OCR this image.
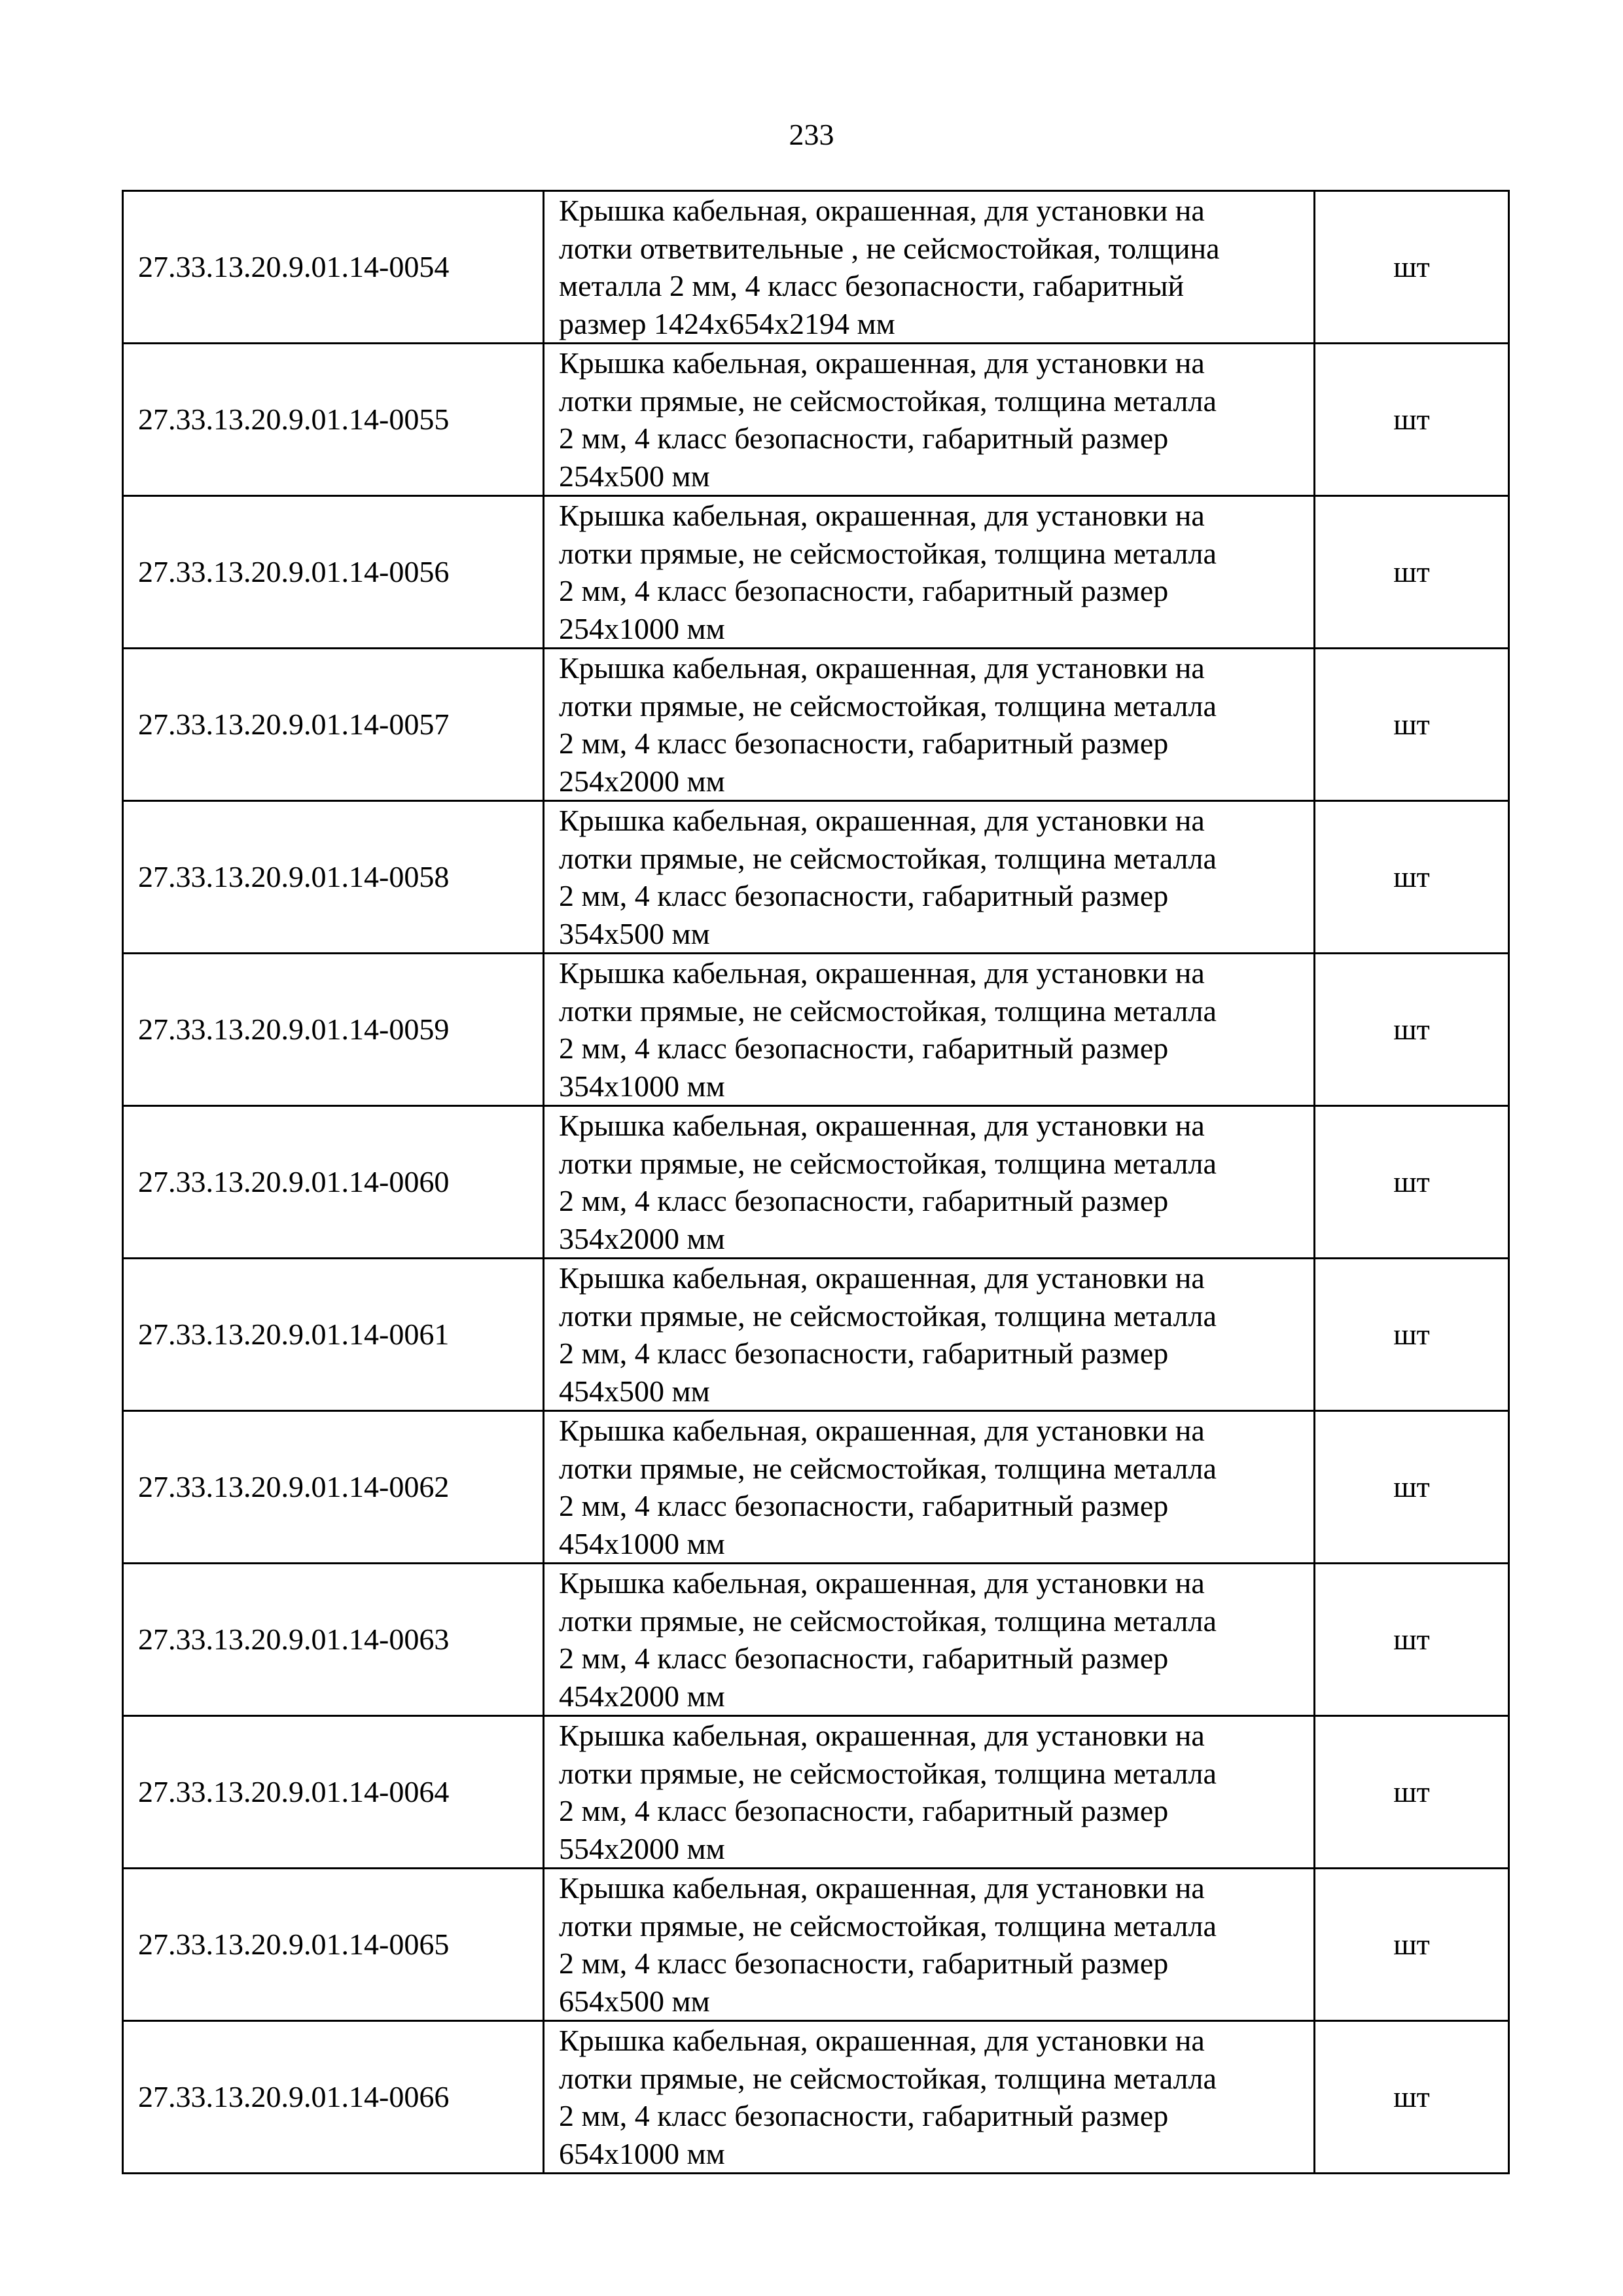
233
27.33.13.20.9.01.14-0054	Крышка кабельная, окрашенная, для установки на
лотки ответвительные , не сейсмостойкая, толщина
металла 2 мм, 4 класс безопасности, габаритный
размер 1424x654x2194 мм	шт
27.33.13.20.9.01.14-0055	Крышка кабельная, окрашенная, для установки на
лотки прямые, не сейсмостойкая, толщина металла
2 мм, 4 класс безопасности, габаритный размер
254x500 мм	шт
27.33.13.20.9.01.14-0056	Крышка кабельная, окрашенная, для установки на
лотки прямые, не сейсмостойкая, толщина металла
2 мм, 4 класс безопасности, габаритный размер
254x1000 мм	шт
27.33.13.20.9.01.14-0057	Крышка кабельная, окрашенная, для установки на
лотки прямые, не сейсмостойкая, толщина металла
2 мм, 4 класс безопасности, габаритный размер
254x2000 мм	шт
27.33.13.20.9.01.14-0058	Крышка кабельная, окрашенная, для установки на
лотки прямые, не сейсмостойкая, толщина металла
2 мм, 4 класс безопасности, габаритный размер
354x500 мм	шт
27.33.13.20.9.01.14-0059	Крышка кабельная, окрашенная, для установки на
лотки прямые, не сейсмостойкая, толщина металла
2 мм, 4 класс безопасности, габаритный размер
354x1000 мм	шт
27.33.13.20.9.01.14-0060	Крышка кабельная, окрашенная, для установки на
лотки прямые, не сейсмостойкая, толщина металла
2 мм, 4 класс безопасности, габаритный размер
354x2000 мм	шт
27.33.13.20.9.01.14-0061	Крышка кабельная, окрашенная, для установки на
лотки прямые, не сейсмостойкая, толщина металла
2 мм, 4 класс безопасности, габаритный размер
454x500 мм	шт
27.33.13.20.9.01.14-0062	Крышка кабельная, окрашенная, для установки на
лотки прямые, не сейсмостойкая, толщина металла
2 мм, 4 класс безопасности, габаритный размер
454x1000 мм	шт
27.33.13.20.9.01.14-0063	Крышка кабельная, окрашенная, для установки на
лотки прямые, не сейсмостойкая, толщина металла
2 мм, 4 класс безопасности, габаритный размер
454x2000 мм	шт
27.33.13.20.9.01.14-0064	Крышка кабельная, окрашенная, для установки на
лотки прямые, не сейсмостойкая, толщина металла
2 мм, 4 класс безопасности, габаритный размер
554x2000 мм	шт
27.33.13.20.9.01.14-0065	Крышка кабельная, окрашенная, для установки на
лотки прямые, не сейсмостойкая, толщина металла
2 мм, 4 класс безопасности, габаритный размер
654x500 мм	шт
27.33.13.20.9.01.14-0066	Крышка кабельная, окрашенная, для установки на
лотки прямые, не сейсмостойкая, толщина металла
2 мм, 4 класс безопасности, габаритный размер
654x1000 мм	шт
